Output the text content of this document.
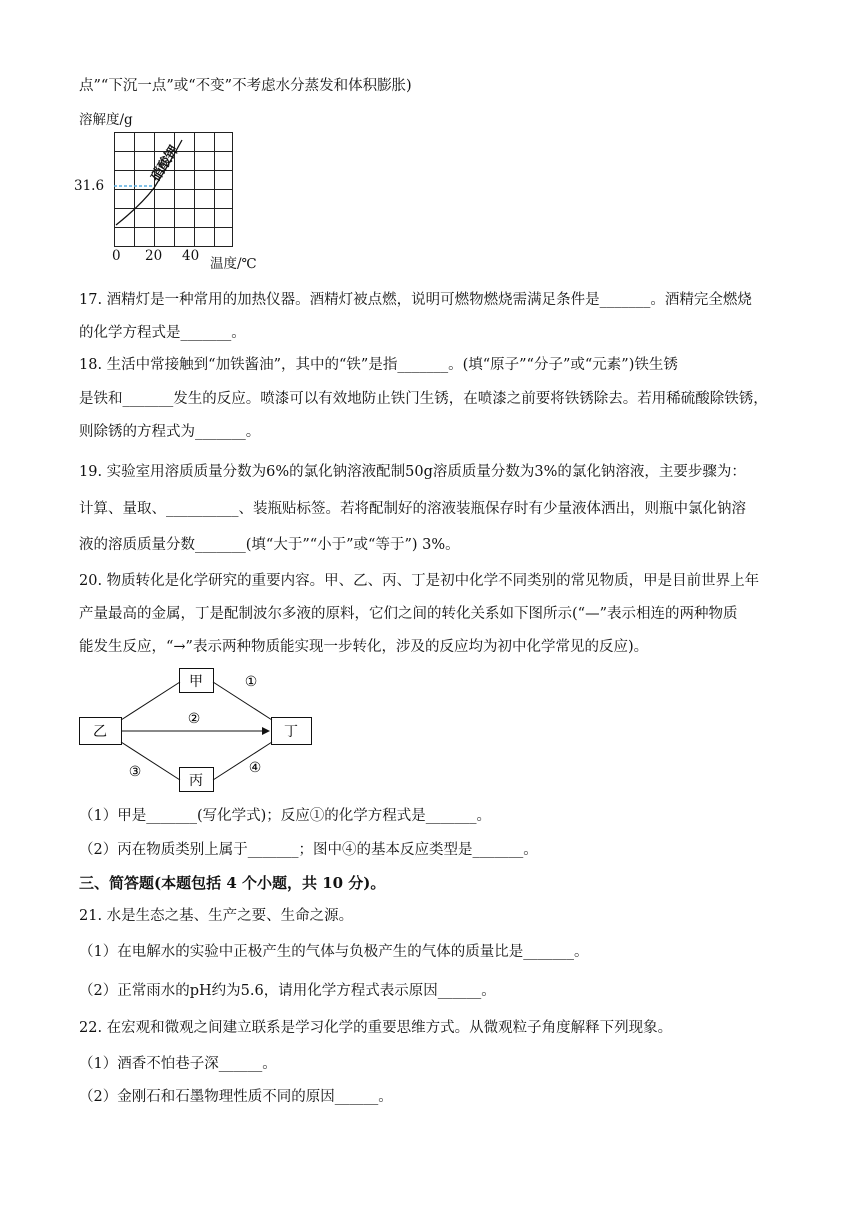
点”“下沉一点”或“不变”不考虑水分蒸发和体积膨胀)
溶解度/g
31.6
硝酸钾
0 20 40 温度/℃
17. 酒精灯是一种常用的加热仪器。酒精灯被点燃，说明可燃物燃烧需满足条件是_______。酒精完全燃烧
的化学方程式是_______。
18. 生活中常接触到“加铁酱油”，其中的“铁”是指_______。(填“原子”“分子”或“元素”)铁生锈
是铁和_______发生的反应。喷漆可以有效地防止铁门生锈，在喷漆之前要将铁锈除去。若用稀硫酸除铁锈，
则除锈的方程式为_______。
19. 实验室用溶质质量分数为6%的氯化钠溶液配制50g溶质质量分数为3%的氯化钠溶液，主要步骤为：
计算、量取、__________、装瓶贴标签。若将配制好的溶液装瓶保存时有少量液体洒出，则瓶中氯化钠溶
液的溶质质量分数_______(填“大于”“小于”或“等于”) 3%。
20. 物质转化是化学研究的重要内容。甲、乙、丙、丁是初中化学不同类别的常见物质，甲是目前世界上年
产量最高的金属，丁是配制波尔多液的原料，它们之间的转化关系如下图所示(“—”表示相连的两种物质
能发生反应，“→”表示两种物质能实现一步转化，涉及的反应均为初中化学常见的反应)。
甲
乙	丁
丙
①
②
③	④
（1）甲是_______(写化学式)；反应①的化学方程式是_______。
（2）丙在物质类别上属于_______；图中④的基本反应类型是_______。
三、简答题(本题包括 4 个小题，共 10 分)。
21. 水是生态之基、生产之要、生命之源。
（1）在电解水的实验中正极产生的气体与负极产生的气体的质量比是_______。
（2）正常雨水的pH约为5.6，请用化学方程式表示原因______。
22. 在宏观和微观之间建立联系是学习化学的重要思维方式。从微观粒子角度解释下列现象。
（1）酒香不怕巷子深______。
（2）金刚石和石墨物理性质不同的原因______。
